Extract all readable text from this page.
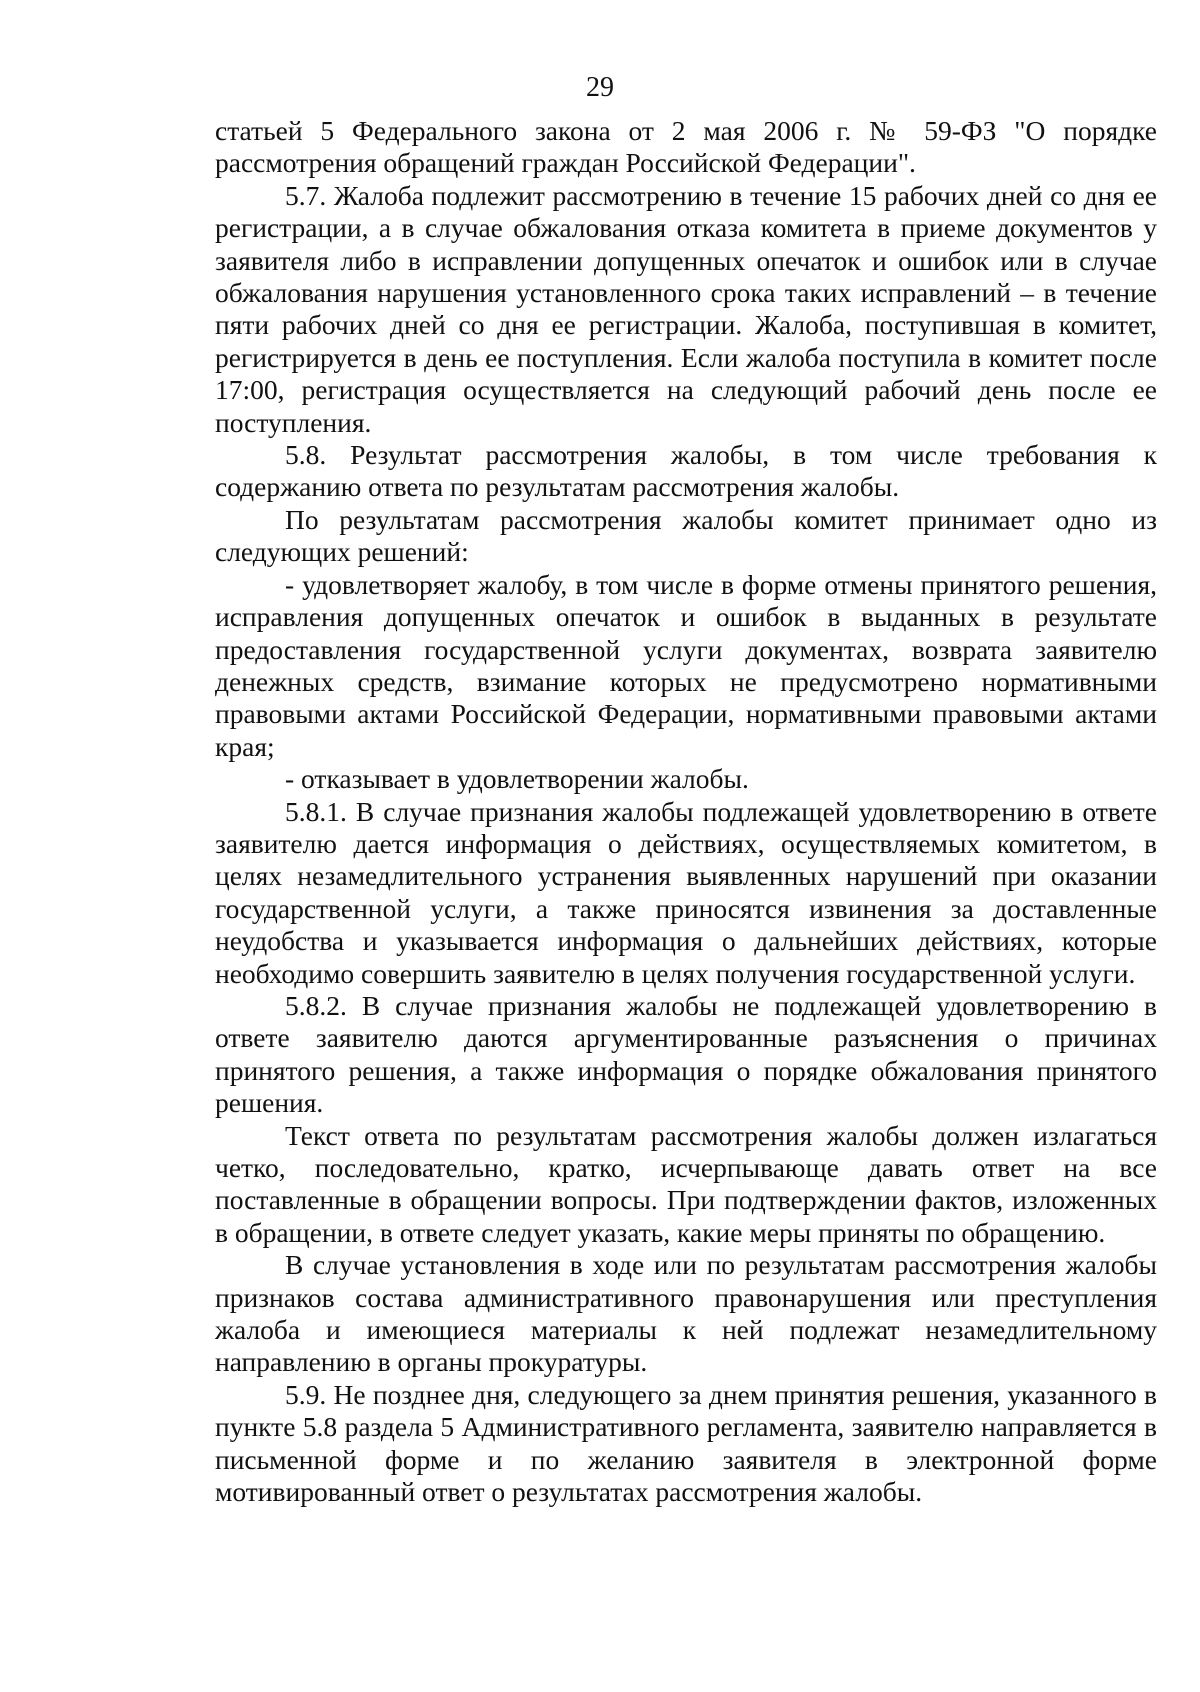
29

статьей 5 Федерального закона от 2 мая 2006 г. № 59-ФЗ "О порядке рассмотрения обращений граждан Российской Федерации".

5.7. Жалоба подлежит рассмотрению в течение 15 рабочих дней со дня ее регистрации, а в случае обжалования отказа комитета в приеме документов у заявителя либо в исправлении допущенных опечаток и ошибок или в случае обжалования нарушения установленного срока таких исправлений – в течение пяти рабочих дней со дня ее регистрации. Жалоба, поступившая в комитет, регистрируется в день ее поступления. Если жалоба поступила в комитет после 17:00, регистрация осуществляется на следующий рабочий день после ее поступления.

5.8. Результат рассмотрения жалобы, в том числе требования к содержанию ответа по результатам рассмотрения жалобы.

По результатам рассмотрения жалобы комитет принимает одно из следующих решений:

- удовлетворяет жалобу, в том числе в форме отмены принятого решения, исправления допущенных опечаток и ошибок в выданных в результате предоставления государственной услуги документах, возврата заявителю денежных средств, взимание которых не предусмотрено нормативными правовыми актами Российской Федерации, нормативными правовыми актами края;

- отказывает в удовлетворении жалобы.

5.8.1. В случае признания жалобы подлежащей удовлетворению в ответе заявителю дается информация о действиях, осуществляемых комитетом, в целях незамедлительного устранения выявленных нарушений при оказании государственной услуги, а также приносятся извинения за доставленные неудобства и указывается информация о дальнейших действиях, которые необходимо совершить заявителю в целях получения государственной услуги.

5.8.2. В случае признания жалобы не подлежащей удовлетворению в ответе заявителю даются аргументированные разъяснения о причинах принятого решения, а также информация о порядке обжалования принятого решения.

Текст ответа по результатам рассмотрения жалобы должен излагаться четко, последовательно, кратко, исчерпывающе давать ответ на все поставленные в обращении вопросы. При подтверждении фактов, изложенных в обращении, в ответе следует указать, какие меры приняты по обращению.

В случае установления в ходе или по результатам рассмотрения жалобы признаков состава административного правонарушения или преступления жалоба и имеющиеся материалы к ней подлежат незамедлительному направлению в органы прокуратуры.

5.9. Не позднее дня, следующего за днем принятия решения, указанного в пункте 5.8 раздела 5 Административного регламента, заявителю направляется в письменной форме и по желанию заявителя в электронной форме мотивированный ответ о результатах рассмотрения жалобы.
